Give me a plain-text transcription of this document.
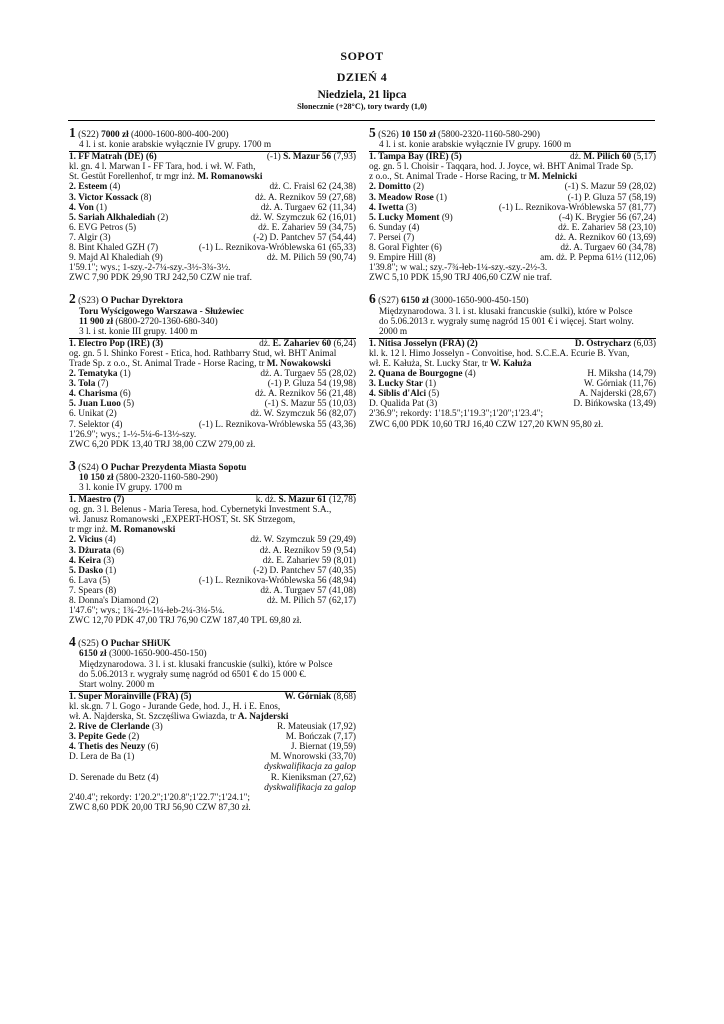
SOPOT
DZIEŃ 4
Niedziela, 21 lipca
Słonecznie (+28°C), tory twardy (1,0)
1 (S22) 7000 zł (4000-1600-800-400-200)
4 l. i st. konie arabskie wyłącznie IV grupy. 1700 m
1. FF Matrah (DE) (6)	(-1) S. Mazur 56 (7,93)
kl. gn. 4 l. Marwan I - FF Tara, hod. i wł. W. Fath,
St. Gestüt Forellenhof, tr mgr inż. M. Romanowski
2. Esteem (4)	dż. C. Fraisl 62 (24,38)
3. Victor Kossack (8)	dż. A. Reznikov 59 (27,68)
4. Von (1)	dż. A. Turgaev 62 (11,34)
5. Sariah Alkhalediah (2)	dż. W. Szymczuk 62 (16,01)
6. EVG Petros (5)	dż. E. Zahariev 59 (34,75)
7. Algir (3)	(-2) D. Pantchev 57 (54,44)
8. Bint Khaled GZH (7)	(-1) L. Reznikova-Wróblewska 61 (65,33)
9. Majd Al Khalediah (9)	dż. M. Pilich 59 (90,74)
1'59.1"; wys.; 1-szy.-2-7¼-szy.-3½-3¾-3½.
ZWC 7,90 PDK 29,90 TRJ 242,50 CZW nie traf.
2 (S23) O Puchar Dyrektora
Toru Wyścigowego Warszawa - Służewiec
11 900 zł (6800-2720-1360-680-340)
3 l. i st. konie III grupy. 1400 m
1. Electro Pop (IRE) (3)	dż. E. Zahariev 60 (6,24)
og. gn. 5 l. Shinko Forest - Etica, hod. Rathbarry Stud, wł. BHT Animal
Trade Sp. z o.o., St. Animal Trade - Horse Racing, tr M. Nowakowski
2. Tematyka (1)	dż. A. Turgaev 55 (28,02)
3. Tola (7)	(-1) P. Gluza 54 (19,98)
4. Charisma (6)	dż. A. Reznikov 56 (21,48)
5. Juan Luoo (5)	(-1) S. Mazur 55 (10,03)
6. Unikat (2)	dż. W. Szymczuk 56 (82,07)
7. Selektor (4)	(-1) L. Reznikova-Wróblewska 55 (43,36)
1'26.9"; wys.; 1-½-5¼-6-13½-szy.
ZWC 6,20 PDK 13,40 TRJ 38,00 CZW 279,00 zł.
3 (S24) O Puchar Prezydenta Miasta Sopotu
10 150 zł (5800-2320-1160-580-290)
3 l. konie IV grupy. 1700 m
1. Maestro (7)	k. dż. S. Mazur 61 (12,78)
og. gn. 3 l. Belenus - Maria Teresa, hod. Cybernetyki Investment S.A.,
wł. Janusz Romanowski „EXPERT-HOST, St. SK Strzegom,
tr mgr inż. M. Romanowski
2. Vicius (4)	dż. W. Szymczuk 59 (29,49)
3. Dżurata (6)	dż. A. Reznikov 59 (9,54)
4. Keira (3)	dż. E. Zahariev 59 (8,01)
5. Dasko (1)	(-2) D. Pantchev 57 (40,35)
6. Lava (5)	(-1) L. Reznikova-Wróblewska 56 (48,94)
7. Spears (8)	dż. A. Turgaev 57 (41,08)
8. Donna's Diamond (2)	dż. M. Pilich 57 (62,17)
1'47.6"; wys.; 1¾-2½-1¼-łeb-2¼-3¼-5¼.
ZWC 12,70 PDK 47,00 TRJ 76,90 CZW 187,40 TPL 69,80 zł.
4 (S25) O Puchar SHiUK
6150 zł (3000-1650-900-450-150)
Międzynarodowa. 3 l. i st. klusaki francuskie (sulki), które w Polsce
do 5.06.2013 r. wygrały sumę nagród od 6501 € do 15 000 €.
Start wolny. 2000 m
1. Super Morainville (FRA) (5)	W. Górniak (8,68)
kl. sk.gn. 7 l. Gogo - Jurande Gede, hod. J., H. i E. Enos,
wł. A. Najderska, St. Szczęśliwa Gwiazda, tr A. Najderski
2. Rive de Clerlande (3)	R. Mateusiak (17,92)
3. Pepite Gede (2)	M. Bończak (7,17)
4. Thetis des Neuzy (6)	J. Biernat (19,59)
D. Lera de Ba (1)	M. Wnorowski (33,70)
dyskwalifikacja za galop
D. Serenade du Betz (4)	R. Kieniksman (27,62)
dyskwalifikacja za galop
2'40.4"; rekordy: 1'20.2";1'20.8";1'22.7";1'24.1";
ZWC 8,60 PDK 20,00 TRJ 56,90 CZW 87,30 zł.
5 (S26) 10 150 zł (5800-2320-1160-580-290)
4 l. i st. konie arabskie wyłącznie IV grupy. 1600 m
1. Tampa Bay (IRE) (5)	dż. M. Pilich 60 (5,17)
og. gn. 5 l. Choisir - Taqqara, hod. J. Joyce, wł. BHT Animal Trade Sp.
z o.o., St. Animal Trade - Horse Racing, tr M. Melnicki
2. Domitto (2)	(-1) S. Mazur 59 (28,02)
3. Meadow Rose (1)	(-1) P. Gluza 57 (58,19)
4. Iwetta (3)	(-1) L. Reznikova-Wróblewska 57 (81,77)
5. Lucky Moment (9)	(-4) K. Brygier 56 (67,24)
6. Sunday (4)	dż. E. Zahariev 58 (23,10)
7. Persei (7)	dż. A. Reznikov 60 (13,69)
8. Goral Fighter (6)	dż. A. Turgaev 60 (34,78)
9. Empire Hill (8)	am. dż. P. Pepma 61½ (112,06)
1'39.8"; w wal.; szy.-7¾-łeb-1¼-szy.-szy.-2½-3.
ZWC 5,10 PDK 15,90 TRJ 406,60 CZW nie traf.
6 (S27) 6150 zł (3000-1650-900-450-150)
Międzynarodowa. 3 l. i st. klusaki francuskie (sulki), które w Polsce
do 5.06.2013 r. wygrały sumę nagród 15 001 € i więcej. Start wolny.
2000 m
1. Nitisa Josselyn (FRA) (2)	D. Ostrycharz (6,03)
kl. k. 12 l. Himo Josselyn - Convoitise, hod. S.C.E.A. Ecurie B. Yvan,
wł. E. Kałuża, St. Lucky Star, tr W. Kałuża
2. Quana de Bourgogne (4)	H. Miksha (14,79)
3. Lucky Star (1)	W. Górniak (11,76)
4. Siblis d'Alci (5)	A. Najderski (28,67)
D. Qualida Pat (3)	D. Bińkowska (13,49)
2'36.9"; rekordy: 1'18.5";1'19.3";1'20";1'23.4";
ZWC 6,00 PDK 10,60 TRJ 16,40 CZW 127,20 KWN 95,80 zł.
